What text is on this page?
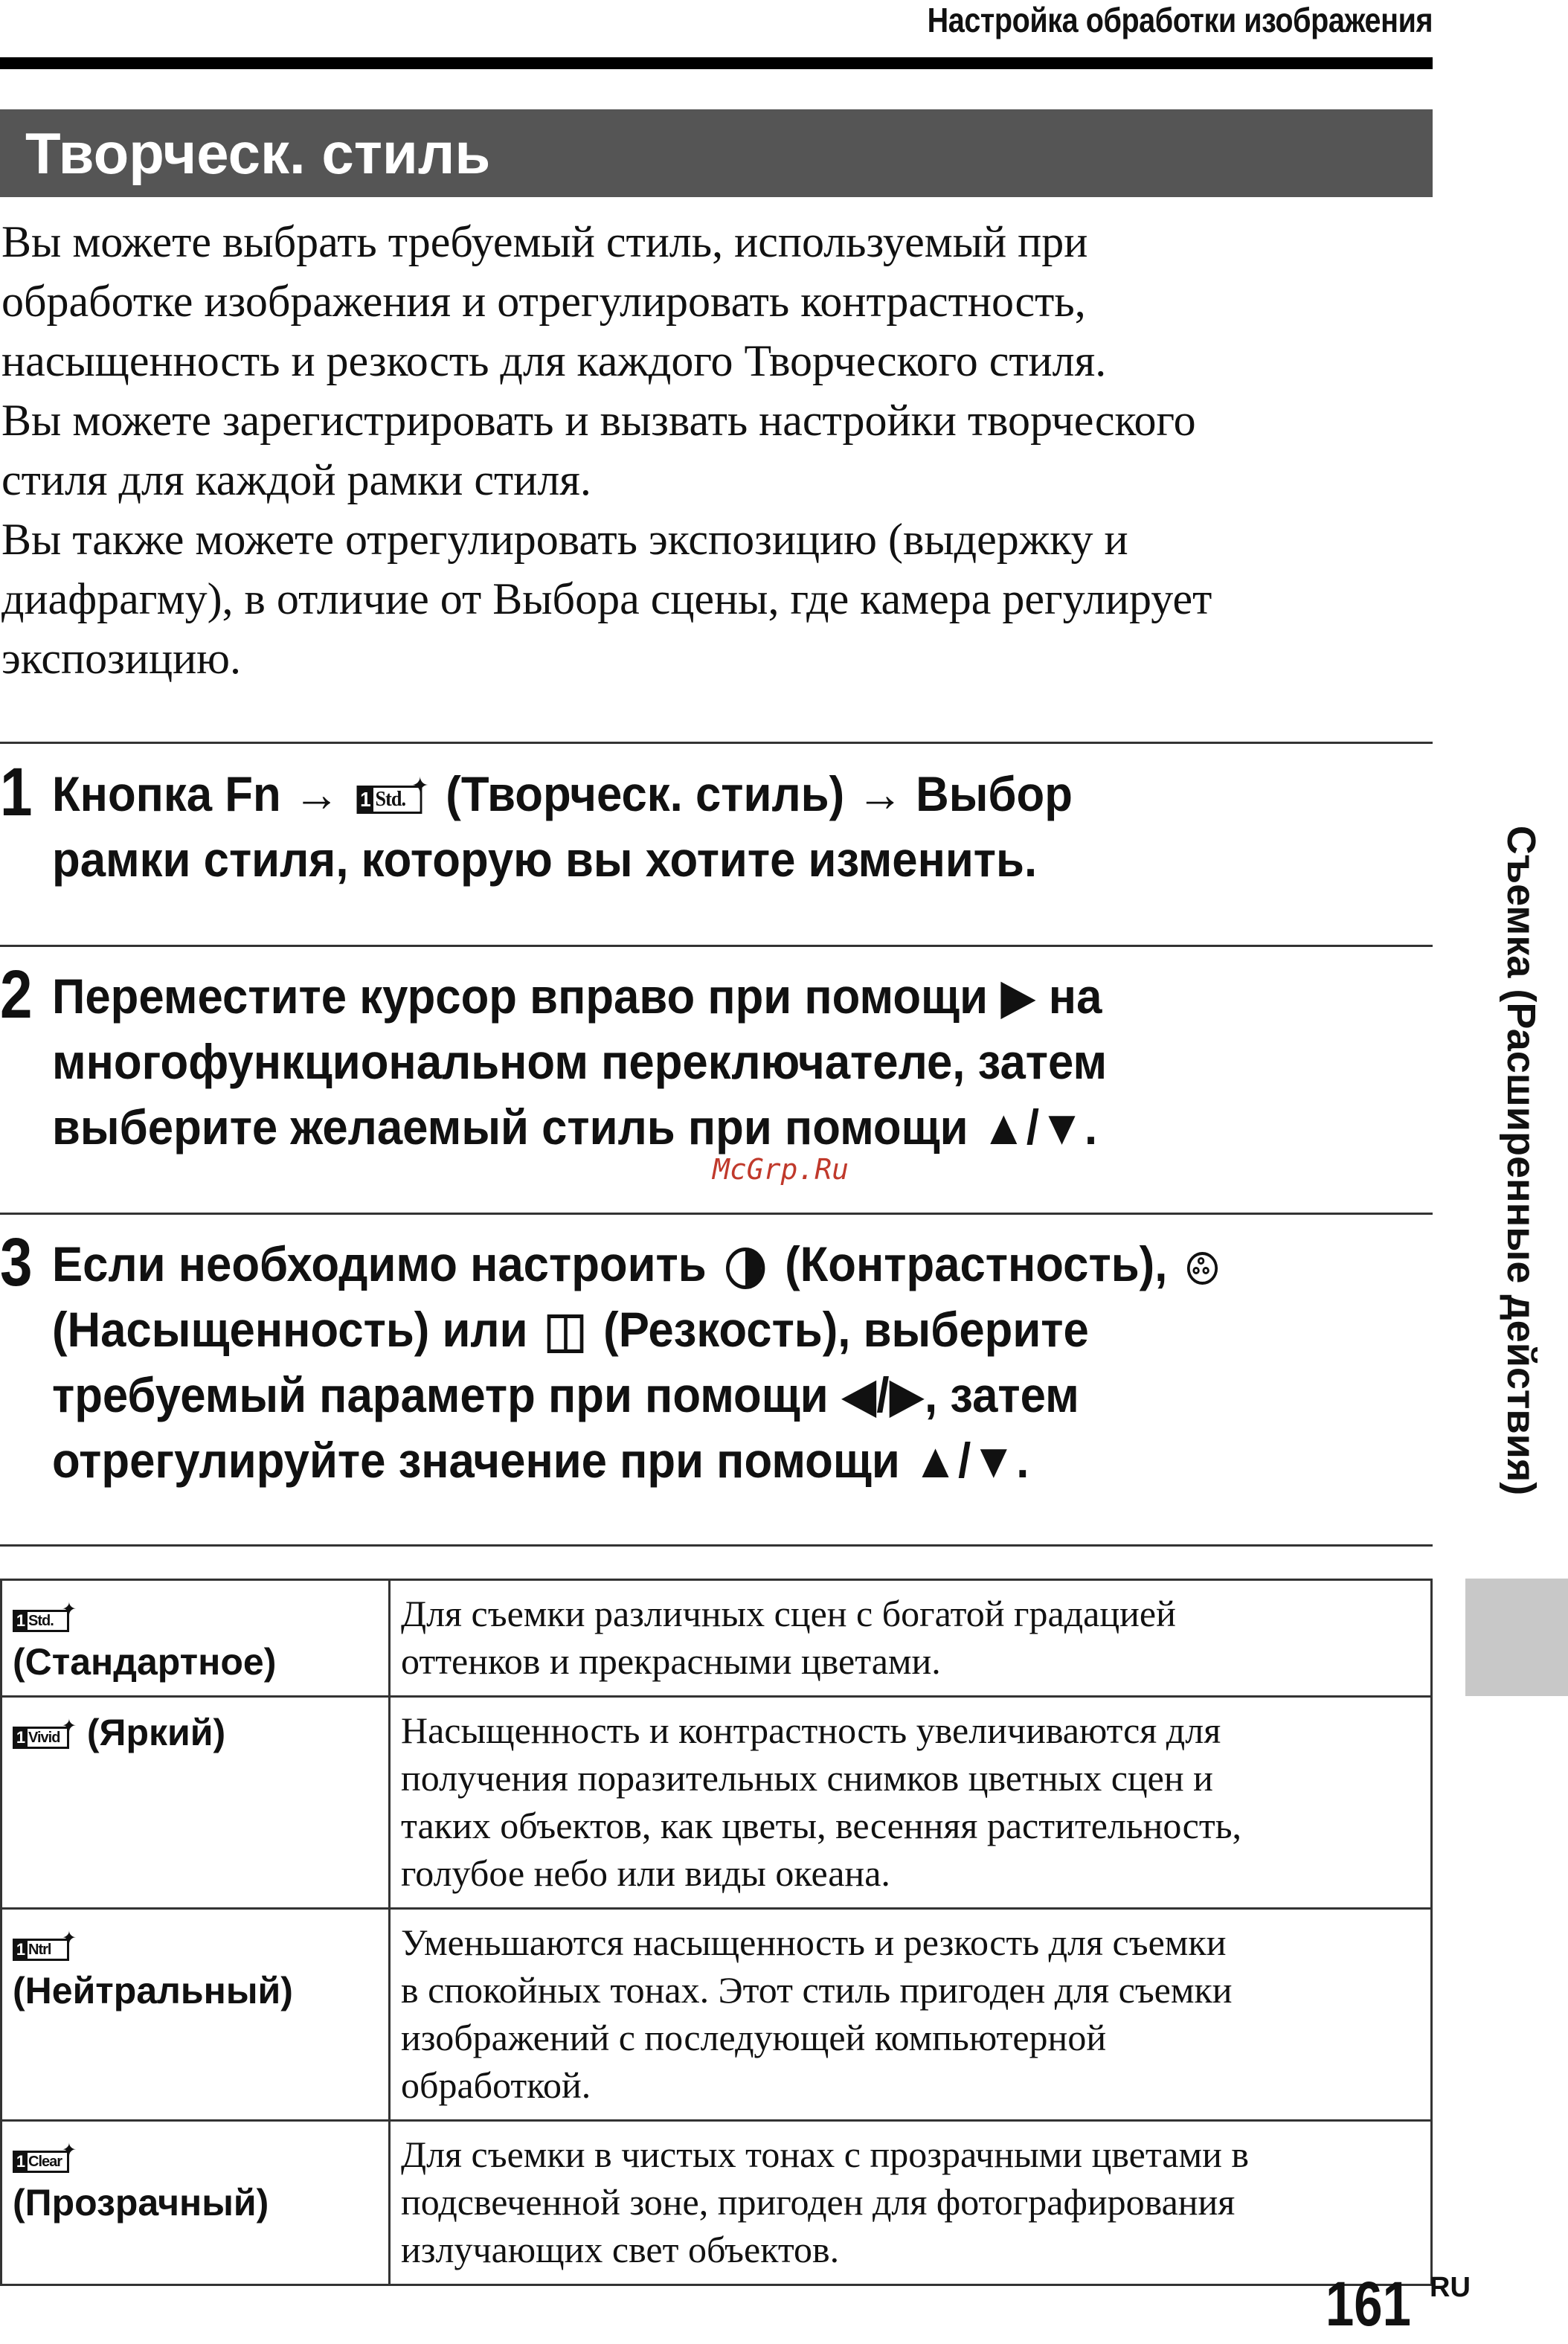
Настройка обработки изображения
Творческ. стиль

Вы можете выбрать требуемый стиль, используемый при
обработке изображения и отрегулировать контрастность,
насыщенность и резкость для каждого Творческого стиля.

Вы можете зарегистрировать и вызвать настройки творческого
стиля для каждой рамки стиля.

Вы также можете отрегулировать экспозицию (выдержку и
диафрагму), в отличие от Выбора сцены, где камера регулирует
экспозицию.

1 Кнопка Fn → 1 Std.
✦ (Творческ. стиль) → Выбор
рамки стиля, которую вы хотите изменить.
2 Переместите курсор вправо при помощи ▶ на
многофункциональном переключателе, затем
выберите желаемый стиль при помощи ▲/▼.
McGrp.Ru
3 Если необходимо настроить (Контрастность),
(Насыщенность) или (Резкость), выберите
требуемый параметр при помощи ◀/▶, затем
отрегулируйте значение при помощи ▲/▼.	Съемка (Расширенные действия)
1 Std.
✦

(Стандартное)	Для съемки различных сцен с богатой градацией
оттенков и прекрасными цветами.

1 Vivid
✦ (Яркий)	Насыщенность и контрастность увеличиваются для
получения поразительных снимков цветных сцен и
таких объектов, как цветы, весенняя растительность,
голубое небо или виды океана.

1 Ntrl
✦

(Нейтральный)	Уменьшаются насыщенность и резкость для съемки
в спокойных тонах. Этот стиль пригоден для съемки
изображений с последующей компьютерной
обработкой.

1 Clear
✦

(Прозрачный)	Для съемки в чистых тонах с прозрачными цветами в
подсвеченной зоне, пригоден для фотографирования
излучающих свет объектов.
161 RU
